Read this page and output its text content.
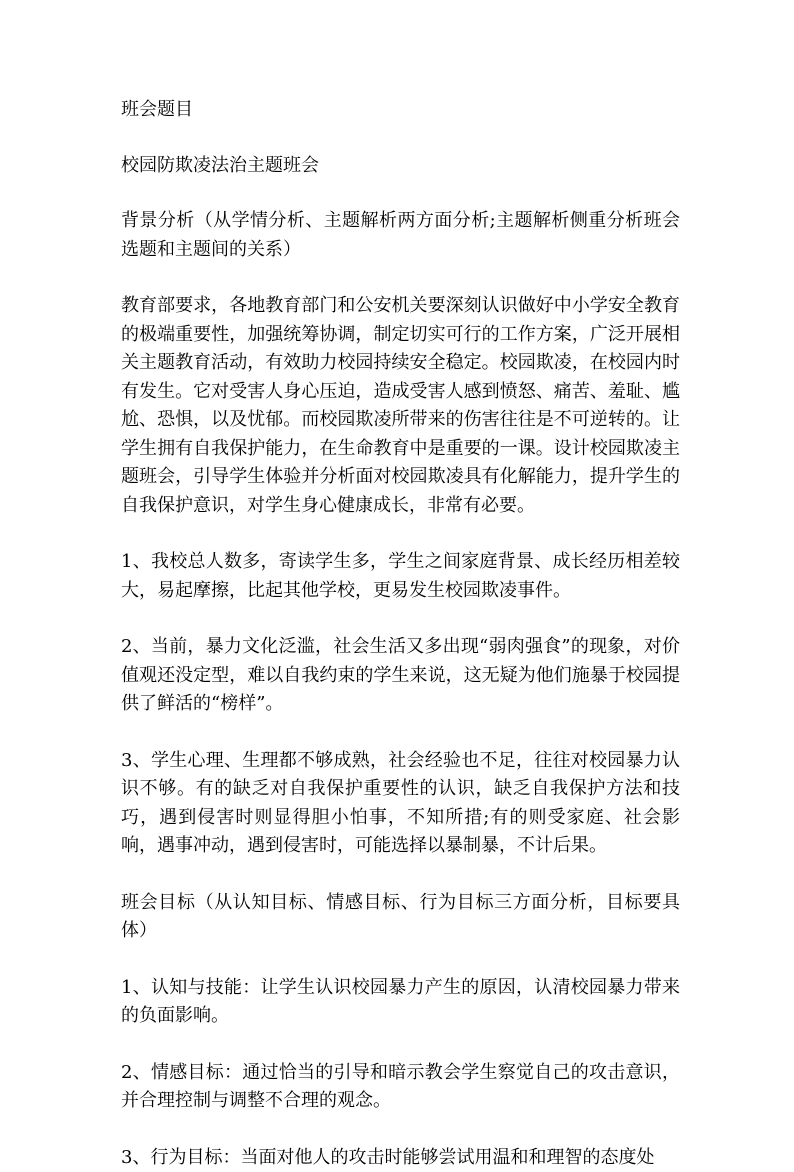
班会题目

校园防欺凌法治主题班会

背景分析（从学情分析、主题解析两方面分析;主题解析侧重分析班会选题和主题间的关系）

教育部要求，各地教育部门和公安机关要深刻认识做好中小学安全教育的极端重要性，加强统筹协调，制定切实可行的工作方案，广泛开展相关主题教育活动，有效助力校园持续安全稳定。校园欺凌，在校园内时有发生。它对受害人身心压迫，造成受害人感到愤怒、痛苦、羞耻、尴尬、恐惧，以及忧郁。而校园欺凌所带来的伤害往往是不可逆转的。让学生拥有自我保护能力，在生命教育中是重要的一课。设计校园欺凌主题班会，引导学生体验并分析面对校园欺凌具有化解能力，提升学生的自我保护意识，对学生身心健康成长，非常有必要。

1、我校总人数多，寄读学生多，学生之间家庭背景、成长经历相差较大，易起摩擦，比起其他学校，更易发生校园欺凌事件。

2、当前，暴力文化泛滥，社会生活又多出现“弱肉强食”的现象，对价值观还没定型，难以自我约束的学生来说，这无疑为他们施暴于校园提供了鲜活的“榜样”。

3、学生心理、生理都不够成熟，社会经验也不足，往往对校园暴力认识不够。有的缺乏对自我保护重要性的认识，缺乏自我保护方法和技巧，遇到侵害时则显得胆小怕事，不知所措;有的则受家庭、社会影响，遇事冲动，遇到侵害时，可能选择以暴制暴，不计后果。

班会目标（从认知目标、情感目标、行为目标三方面分析，目标要具体）

1、认知与技能：让学生认识校园暴力产生的原因，认清校园暴力带来的负面影响。

2、情感目标：通过恰当的引导和暗示教会学生察觉自己的攻击意识，并合理控制与调整不合理的观念。

3、行为目标：当面对他人的攻击时能够尝试用温和和理智的态度处
